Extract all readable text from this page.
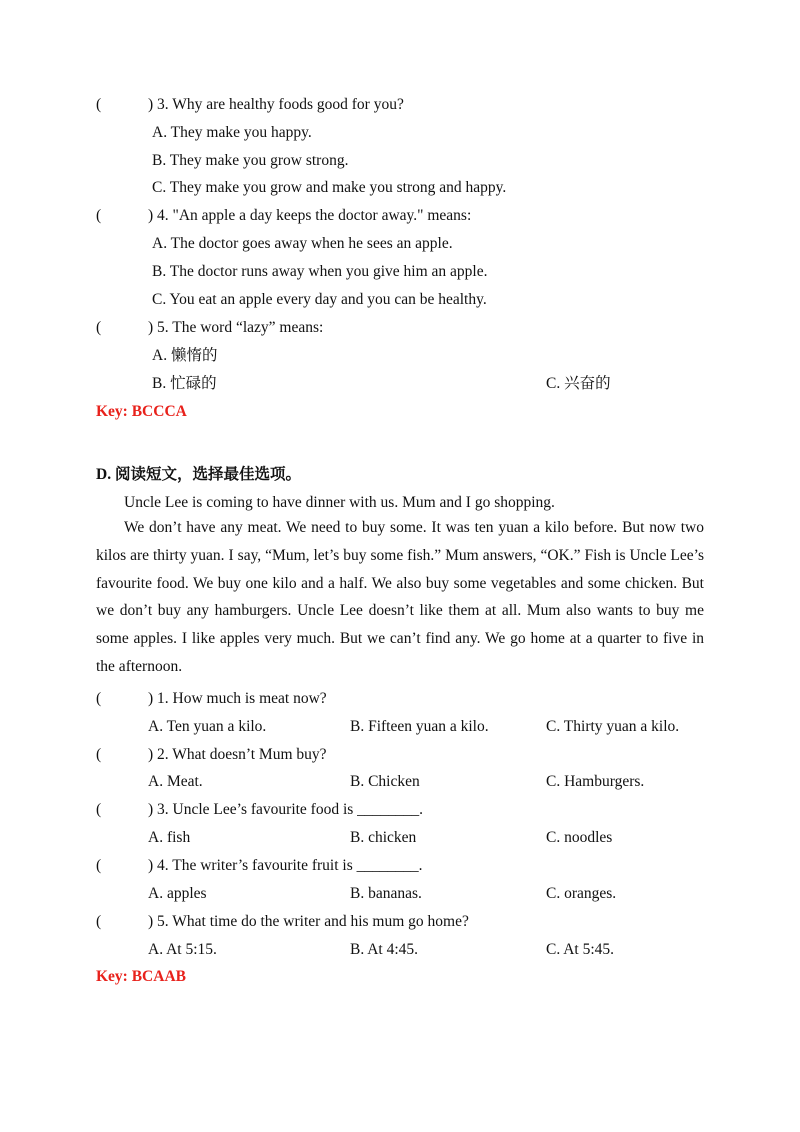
(	) 3. Why are healthy foods good for you?
A. They make you happy.
B. They make you grow strong.
C. They make you grow and make you strong and happy.
(	) 4. "An apple a day keeps the doctor away." means:
A. The doctor goes away when he sees an apple.
B. The doctor runs away when you give him an apple.
C. You eat an apple every day and you can be healthy.
(	) 5. The word “lazy” means:
A. 懒惰的
B. 忙碌的	C. 兴奋的
Key: BCCCA
D. 阅读短文，选择最佳选项。
Uncle Lee is coming to have dinner with us. Mum and I go shopping.
We don’t have any meat. We need to buy some. It was ten yuan a kilo before. But now two kilos are thirty yuan. I say, “Mum, let’s buy some fish.” Mum answers, “OK.” Fish is Uncle Lee’s favourite food. We buy one kilo and a half. We also buy some vegetables and some chicken. But we don’t buy any hamburgers. Uncle Lee doesn’t like them at all. Mum also wants to buy me some apples. I like apples very much. But we can’t find any. We go home at a quarter to five in the afternoon.
(	) 1. How much is meat now?
A. Ten yuan a kilo.	B. Fifteen yuan a kilo.	C. Thirty yuan a kilo.
(	) 2. What doesn’t Mum buy?
A. Meat.	B. Chicken	C. Hamburgers.
(	) 3. Uncle Lee’s favourite food is ________.
A. fish	B. chicken	C. noodles
(	) 4. The writer’s favourite fruit is ________.
A. apples	B. bananas.	C. oranges.
(	) 5. What time do the writer and his mum go home?
A. At 5:15.	B. At 4:45.	C. At 5:45.
Key: BCAAB
